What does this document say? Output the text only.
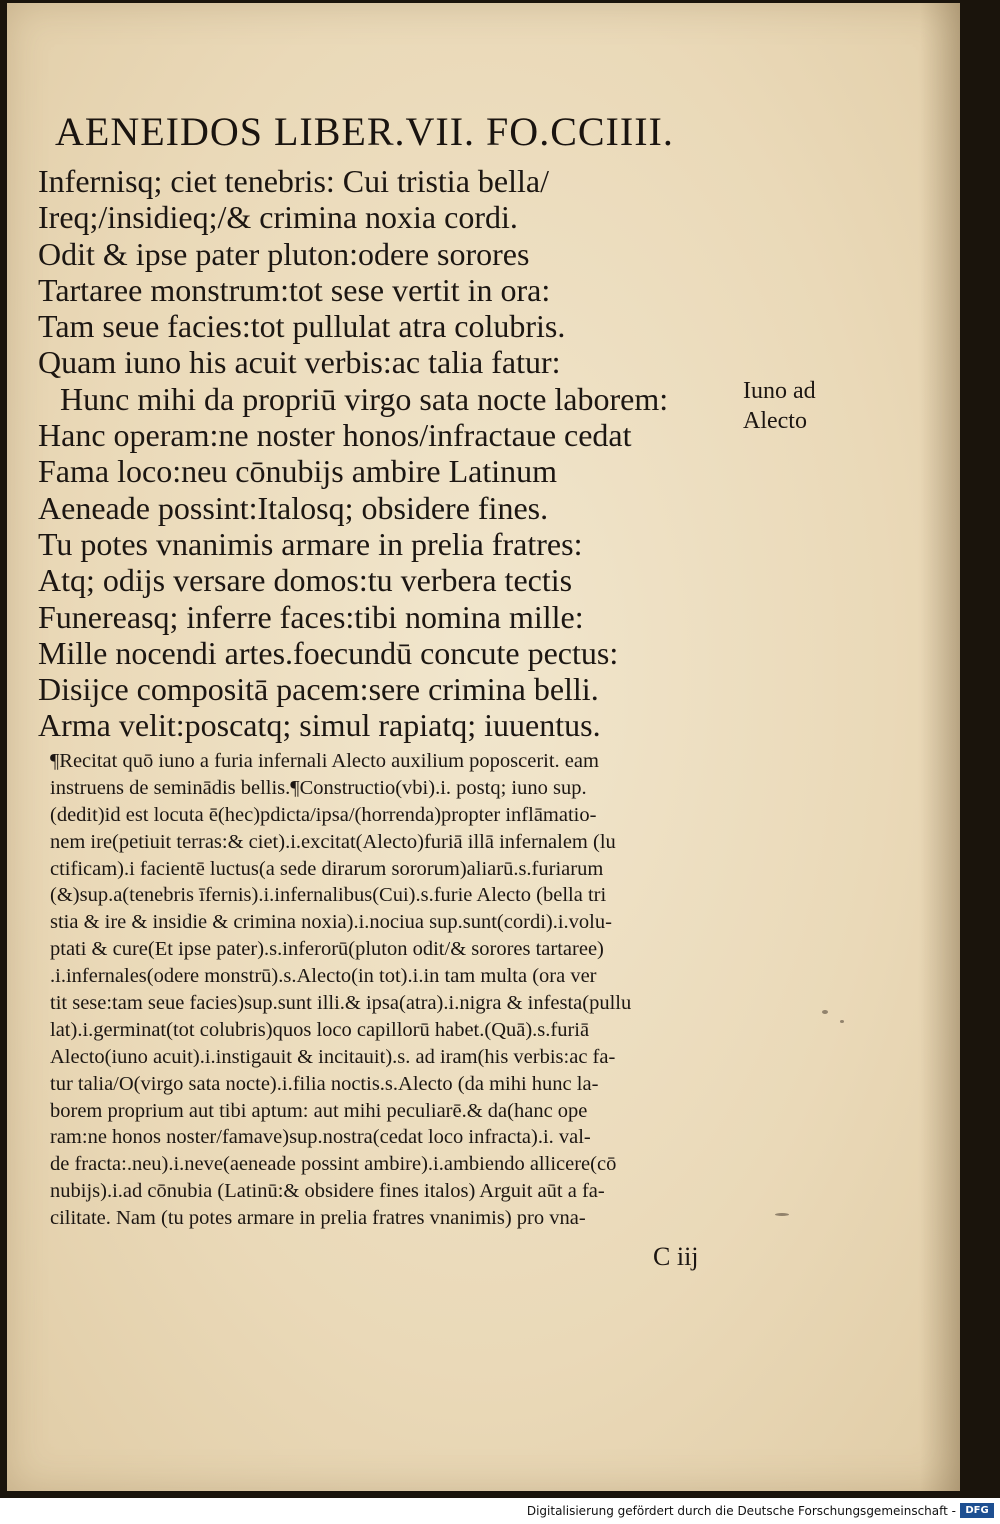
AENEIDOS LIBER.VII. FO.CCIIII.
Infernisq; ciet tenebris: Cui tristia bella/
Ireq;/insidieq;/& crimina noxia cordi.
Odit & ipse pater pluton:odere sorores
Tartaree monstrum:tot sese vertit in ora:
Tam seue facies:tot pullulat atra colubris.
Quam iuno his acuit verbis:ac talia fatur:
Hunc mihi da propriū virgo sata nocte laborem:
Hanc operam:ne noster honos/infractaue cedat
Fama loco:neu cōnubijs ambire Latinum
Aeneade possint:Italosq; obsidere fines.
Tu potes vnanimis armare in prelia fratres:
Atq; odijs versare domos:tu verbera tectis
Funereasq; inferre faces:tibi nomina mille:
Mille nocendi artes.foecundū concute pectus:
Disijce compositā pacem:sere crimina belli.
Arma velit:poscatq; simul rapiatq; iuuentus.
Iuno ad
Alecto
¶Recitat quō iuno a furia infernali Alecto auxilium poposcerit. eam
instruens de seminādis bellis.¶Constructio(vbi).i. postq; iuno sup.
(dedit)id est locuta ē(hec)pdicta/ipsa/(horrenda)propter inflāmatio-
nem ire(petiuit terras:& ciet).i.excitat(Alecto)furiā illā infernalem (lu
ctificam).i facientē luctus(a sede dirarum sororum)aliarū.s.furiarum
(&)sup.a(tenebris īfernis).i.infernalibus(Cui).s.furie Alecto (bella tri
stia & ire & insidie & crimina noxia).i.nociua sup.sunt(cordi).i.volu-
ptati & cure(Et ipse pater).s.inferorū(pluton odit/& sorores tartaree)
.i.infernales(odere monstrū).s.Alecto(in tot).i.in tam multa (ora ver
tit sese:tam seue facies)sup.sunt illi.& ipsa(atra).i.nigra & infesta(pullu
lat).i.germinat(tot colubris)quos loco capillorū habet.(Quā).s.furiā
Alecto(iuno acuit).i.instigauit & incitauit).s. ad iram(his verbis:ac fa-
tur talia/O(virgo sata nocte).i.filia noctis.s.Alecto (da mihi hunc la-
borem proprium aut tibi aptum: aut mihi peculiarē.& da(hanc ope
ram:ne honos noster/famave)sup.nostra(cedat loco infracta).i. val-
de fracta:.neu).i.neve(aeneade possint ambire).i.ambiendo allicere(cō
nubijs).i.ad cōnubia (Latinū:& obsidere fines italos) Arguit aūt a fa-
cilitate. Nam (tu potes armare in prelia fratres vnanimis) pro vna-
C iij
Digitalisierung gefördert durch die Deutsche Forschungsgemeinschaft - DFG
